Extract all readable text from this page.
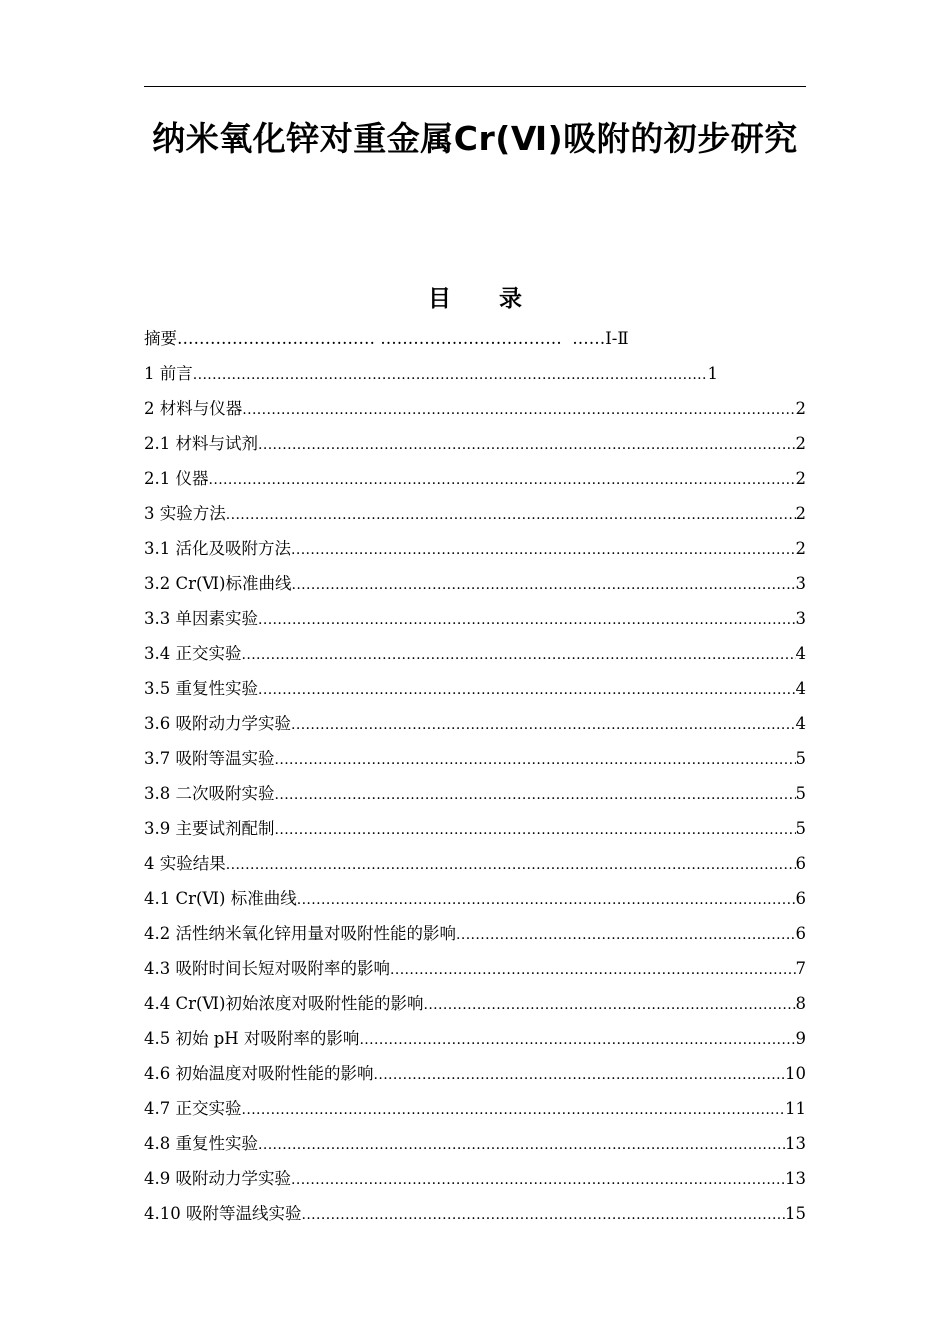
纳米氧化锌对重金属Cr(Ⅵ)吸附的初步研究
目 录
摘要 ……………………………… ……………………………  …… Ⅰ-Ⅱ
1 前言 .....	1
2 材料与仪器 .....	2
2.1 材料与试剂 .....	2
2.1 仪器 .....	2
3 实验方法 .....	2
3.1 活化及吸附方法 .....	2
3.2 Cr(Ⅵ)标准曲线 .....	3
3.3 单因素实验 .....	3
3.4 正交实验 .....	4
3.5 重复性实验 .....	4
3.6 吸附动力学实验 .....	4
3.7 吸附等温实验 .....	5
3.8 二次吸附实验 .....	5
3.9 主要试剂配制 .....	5
4 实验结果 .....	6
4.1 Cr(Ⅵ) 标准曲线 .....	6
4.2 活性纳米氧化锌用量对吸附性能的影响 .....	6
4.3 吸附时间长短对吸附率的影响 .....	7
4.4 Cr(Ⅵ)初始浓度对吸附性能的影响 .....	8
4.5 初始 pH 对吸附率的影响 .....	9
4.6 初始温度对吸附性能的影响 .....	10
4.7 正交实验 .....	11
4.8 重复性实验 .....	13
4.9 吸附动力学实验 .....	13
4.10 吸附等温线实验 .....	15
